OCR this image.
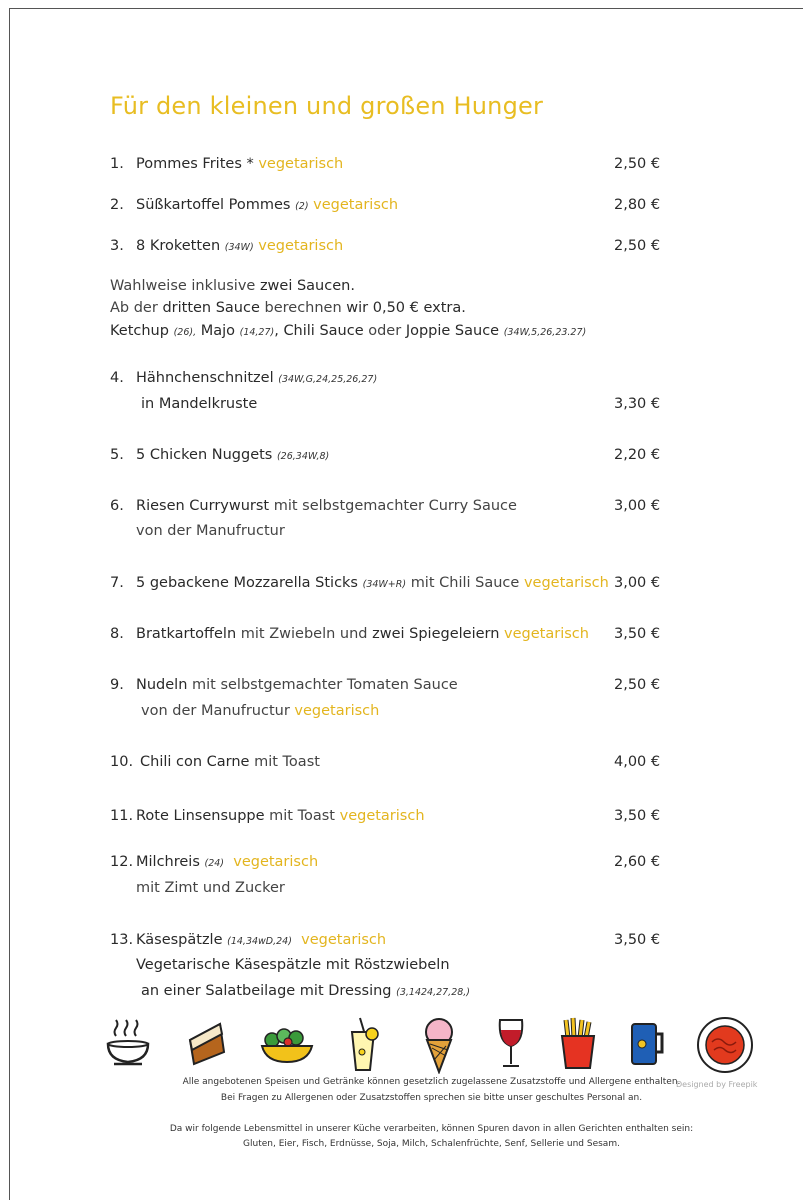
Für den kleinen und großen Hunger
1. Pommes Frites * vegetarisch	2,50 €
2. Süßkartoffel Pommes (2) vegetarisch	2,80 €
3. 8 Kroketten (34W) vegetarisch	2,50 €
Wahlweise inklusive zwei Saucen.
Ab der dritten Sauce berechnen wir 0,50 € extra.
Ketchup (26), Majo (14,27), Chili Sauce oder Joppie Sauce (34W,5,26,23.27)
4. Hähnchenschnitzel (34W,G,24,25,26,27)
in Mandelkruste	3,30 €
5. 5 Chicken Nuggets (26,34W,8)	2,20 €
6. Riesen Currywurst mit selbstgemachter Curry Sauce	3,00 €
von der Manufructur
7. 5 gebackene Mozzarella Sticks (34W+R) mit Chili Sauce vegetarisch 3,00 €
8. Bratkartoffeln mit Zwiebeln und zwei Spiegeleiern vegetarisch 3,50 €
9. Nudeln mit selbstgemachter Tomaten Sauce	2,50 €
von der Manufructur vegetarisch
10. Chili con Carne mit Toast	4,00 €
11. Rote Linsensuppe mit Toast vegetarisch	3,50 €
12. Milchreis (24) vegetarisch	2,60 €
mit Zimt und Zucker
13. Käsespätzle (14,34wD,24) vegetarisch	3,50 €
Vegetarische Käsespätzle mit Röstzwiebeln
an einer Salatbeilage mit Dressing (3,1424,27,28,)
Alle angebotenen Speisen und Getränke können gesetzlich zugelassene Zusatzstoffe und Allergene enthalten.
Designed by Freepik
Bei Fragen zu Allergenen oder Zusatzstoffen sprechen sie bitte unser geschultes Personal an.
Da wir folgende Lebensmittel in unserer Küche verarbeiten, können Spuren davon in allen Gerichten enthalten sein:
Gluten, Eier, Fisch, Erdnüsse, Soja, Milch, Schalenfrüchte, Senf, Sellerie und Sesam.
